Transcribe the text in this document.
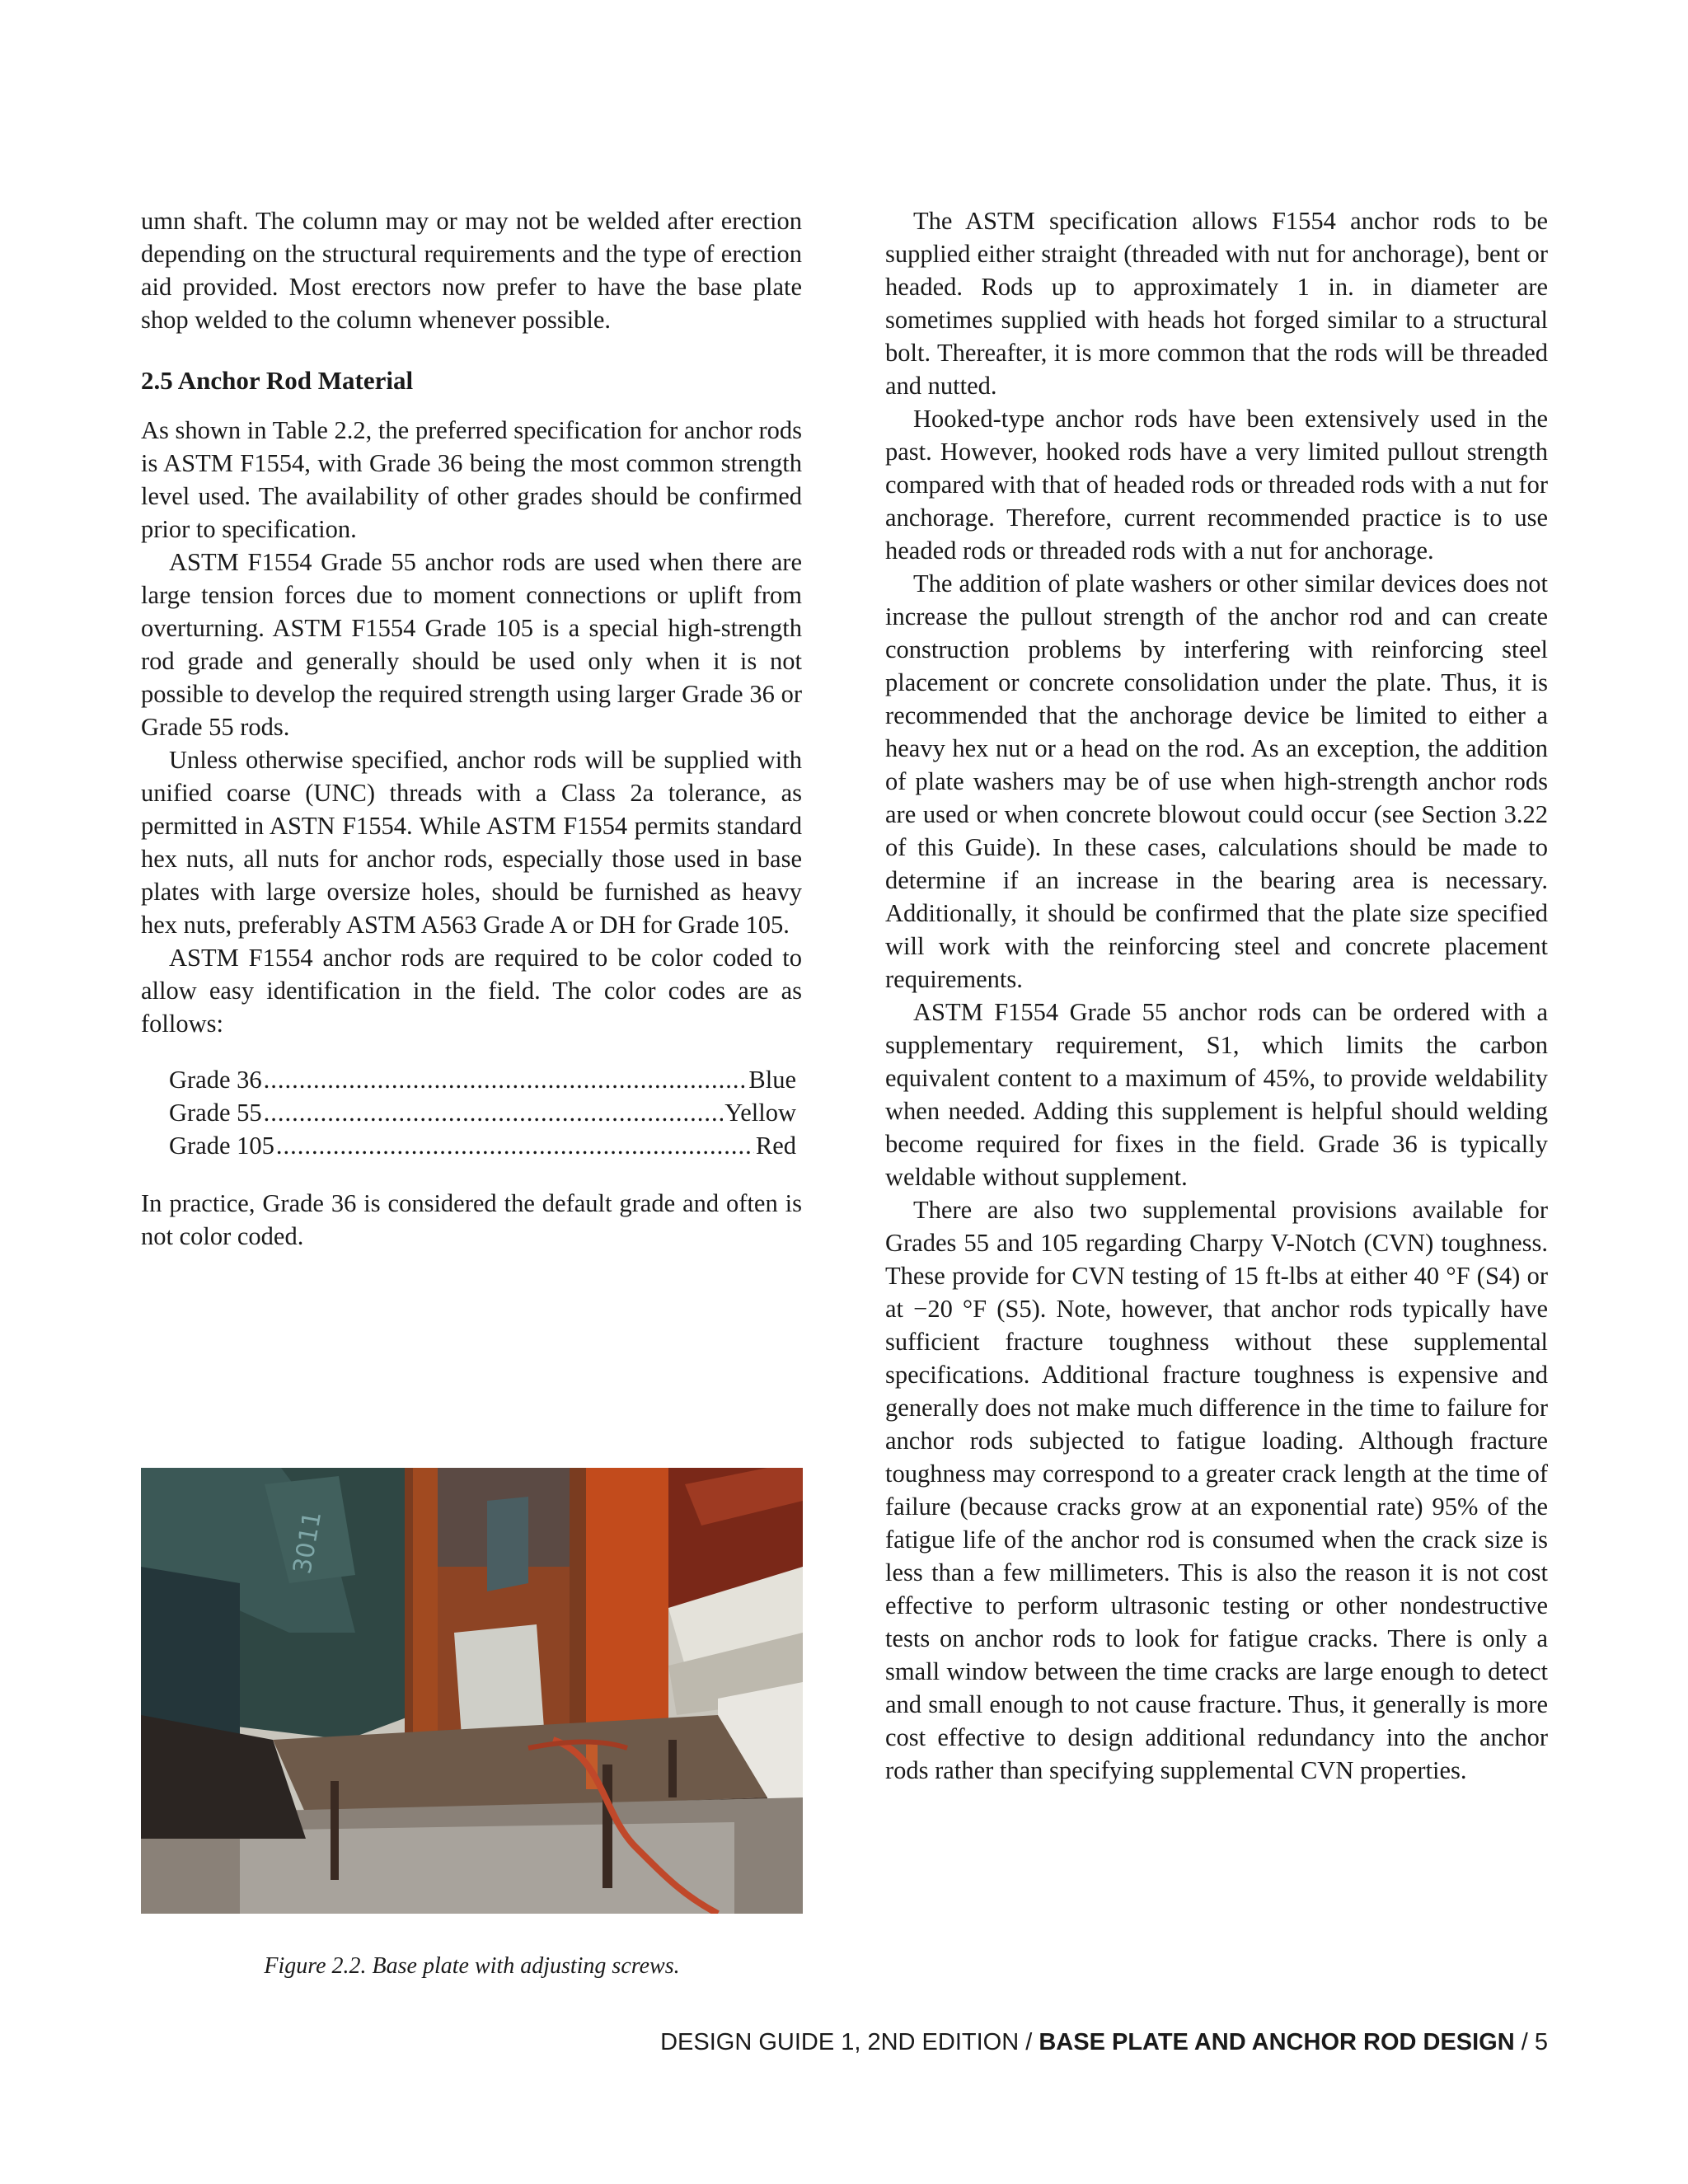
umn shaft. The column may or may not be welded after erection depending on the structural requirements and the type of erection aid provided. Most erectors now prefer to have the base plate shop welded to the column whenever possible.

2.5 Anchor Rod Material

As shown in Table 2.2, the preferred specification for anchor rods is ASTM F1554, with Grade 36 being the most common strength level used. The availability of other grades should be confirmed prior to specification.

ASTM F1554 Grade 55 anchor rods are used when there are large tension forces due to moment connections or uplift from overturning. ASTM F1554 Grade 105 is a special high-strength rod grade and generally should be used only when it is not possible to develop the required strength using larger Grade 36 or Grade 55 rods.

Unless otherwise specified, anchor rods will be supplied with unified coarse (UNC) threads with a Class 2a tolerance, as permitted in ASTN F1554. While ASTM F1554 permits standard hex nuts, all nuts for anchor rods, especially those used in base plates with large oversize holes, should be furnished as heavy hex nuts, preferably ASTM A563 Grade A or DH for Grade 105.

ASTM F1554 anchor rods are required to be color coded to allow easy identification in the field. The color codes are as follows:

Grade 36 .....	Blue
Grade 55 .....	Yellow
Grade 105 .....	Red

In practice, Grade 36 is considered the default grade and often is not color coded.

The ASTM specification allows F1554 anchor rods to be supplied either straight (threaded with nut for anchorage), bent or headed. Rods up to approximately 1 in. in diameter are sometimes supplied with heads hot forged similar to a structural bolt. Thereafter, it is more common that the rods will be threaded and nutted.

Hooked-type anchor rods have been extensively used in the past. However, hooked rods have a very limited pullout strength compared with that of headed rods or threaded rods with a nut for anchorage. Therefore, current recommended practice is to use headed rods or threaded rods with a nut for anchorage.

The addition of plate washers or other similar devices does not increase the pullout strength of the anchor rod and can create construction problems by interfering with reinforcing steel placement or concrete consolidation under the plate. Thus, it is recommended that the anchorage device be limited to either a heavy hex nut or a head on the rod. As an exception, the addition of plate washers may be of use when high-strength anchor rods are used or when concrete blowout could occur (see Section 3.22 of this Guide). In these cases, calculations should be made to determine if an increase in the bearing area is necessary. Additionally, it should be confirmed that the plate size specified will work with the reinforcing steel and concrete placement requirements.

ASTM F1554 Grade 55 anchor rods can be ordered with a supplementary requirement, S1, which limits the carbon equivalent content to a maximum of 45%, to provide weldability when needed. Adding this supplement is helpful should welding become required for fixes in the field. Grade 36 is typically weldable without supplement.

There are also two supplemental provisions available for Grades 55 and 105 regarding Charpy V-Notch (CVN) toughness. These provide for CVN testing of 15 ft-lbs at either 40 °F (S4) or at −20 °F (S5). Note, however, that anchor rods typically have sufficient fracture toughness without these supplemental specifications. Additional fracture toughness is expensive and generally does not make much difference in the time to failure for anchor rods subjected to fatigue loading. Although fracture toughness may correspond to a greater crack length at the time of failure (because cracks grow at an exponential rate) 95% of the fatigue life of the anchor rod is consumed when the crack size is less than a few millimeters. This is also the reason it is not cost effective to perform ultrasonic testing or other nondestructive tests on anchor rods to look for fatigue cracks. There is only a small window between the time cracks are large enough to detect and small enough to not cause fracture. Thus, it generally is more cost effective to design additional redundancy into the anchor rods rather than specifying supplemental CVN properties.

3011
Figure 2.2. Base plate with adjusting screws.
DESIGN GUIDE 1, 2ND EDITION / BASE PLATE AND ANCHOR ROD DESIGN / 5
